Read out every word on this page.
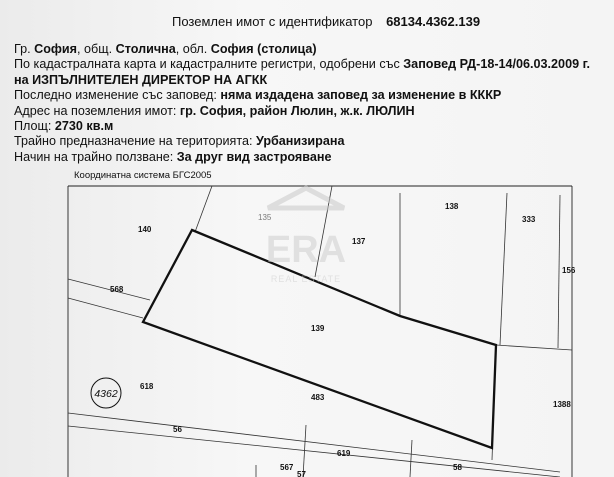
Поземлен имот с идентификатор 68134.4362.139
Гр. София, общ. Столична, обл. София (столица)
По кадастралната карта и кадастралните регистри, одобрени със Заповед РД-18-14/06.03.2009 г.
на ИЗПЪЛНИТЕЛЕН ДИРЕКТОР НА АГКК
Последно изменение със заповед: няма издадена заповед за изменение в КККР
Адрес на поземления имот: гр. София, район Люлин, ж.к. ЛЮЛИН
Площ: 2730 кв.м
Трайно предназначение на територията: Урбанизирана
Начин на трайно ползване: За друг вид застрояване
Координатна система БГС2005
ERA
REAL ESTATE
140
135
137
138
333
156
568
139
618
483
1388
56
619
58
567
57
4362
